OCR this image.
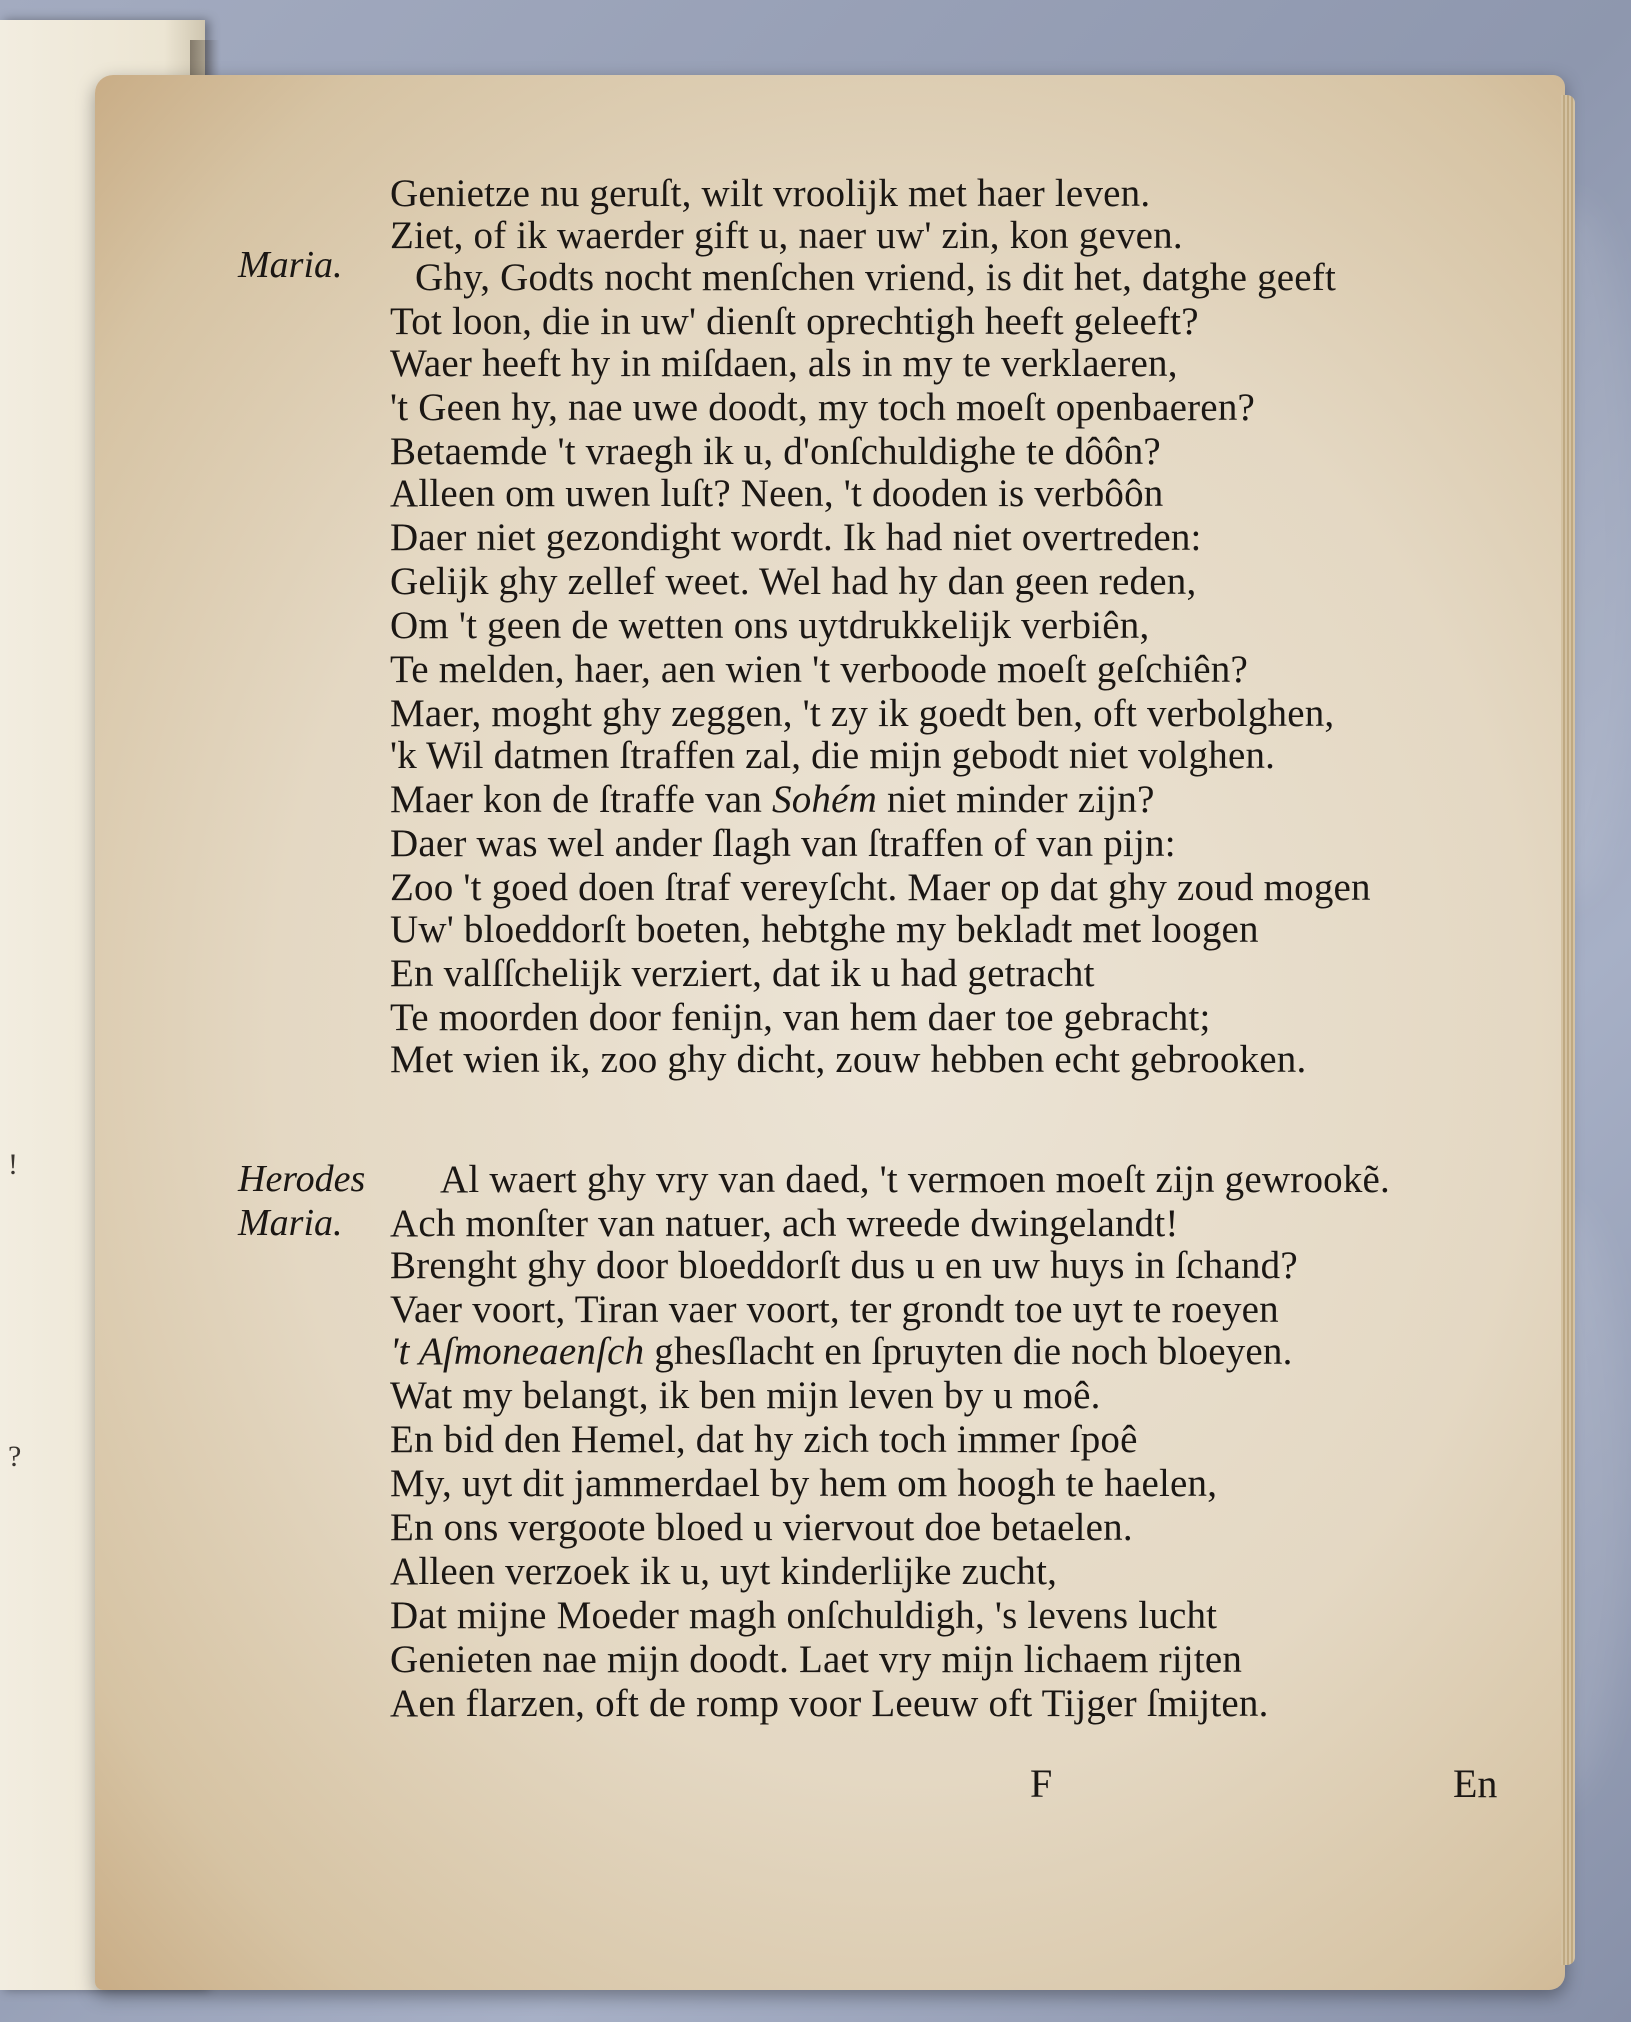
!
?
Maria.
Herodes
Maria.
Genietze nu geruſt, wilt vroolijk met haer leven.
Ziet, of ik waerder gift u, naer uw' zin, kon geven.
Ghy, Godts nocht menſchen vriend, is dit het, datghe geeft
Tot loon, die in uw' dienſt oprechtigh heeft geleeft?
Waer heeft hy in miſdaen, als in my te verklaeren,
't Geen hy, nae uwe doodt, my toch moeſt openbaeren?
Betaemde 't vraegh ik u, d'onſchuldighe te dôôn?
Alleen om uwen luſt? Neen, 't dooden is verbôôn
Daer niet gezondight wordt. Ik had niet overtreden:
Gelijk ghy zellef weet. Wel had hy dan geen reden,
Om 't geen de wetten ons uytdrukkelijk verbiên,
Te melden, haer, aen wien 't verboode moeſt geſchiên?
Maer, moght ghy zeggen, 't zy ik goedt ben, oft verbolghen,
'k Wil datmen ſtraffen zal, die mijn gebodt niet volghen.
Maer kon de ſtraffe van Sohém niet minder zijn?
Daer was wel ander ſlagh van ſtraffen of van pijn:
Zoo 't goed doen ſtraf vereyſcht. Maer op dat ghy zoud mogen
Uw' bloeddorſt boeten, hebtghe my bekladt met loogen
En valſſchelijk verziert, dat ik u had getracht
Te moorden door fenijn, van hem daer toe gebracht;
Met wien ik, zoo ghy dicht, zouw hebben echt gebrooken.
Al waert ghy vry van daed, 't vermoen moeſt zijn gewrookẽ.
Ach monſter van natuer, ach wreede dwingelandt!
Brenght ghy door bloeddorſt dus u en uw huys in ſchand?
Vaer voort, Tiran vaer voort, ter grondt toe uyt te roeyen
't Aſmoneaenſch ghesſlacht en ſpruyten die noch bloeyen.
Wat my belangt, ik ben mijn leven by u moê.
En bid den Hemel, dat hy zich toch immer ſpoê
My, uyt dit jammerdael by hem om hoogh te haelen,
En ons vergoote bloed u viervout doe betaelen.
Alleen verzoek ik u, uyt kinderlijke zucht,
Dat mijne Moeder magh onſchuldigh, 's levens lucht
Genieten nae mijn doodt. Laet vry mijn lichaem rijten
Aen flarzen, oft de romp voor Leeuw oft Tijger ſmijten.
F	En
